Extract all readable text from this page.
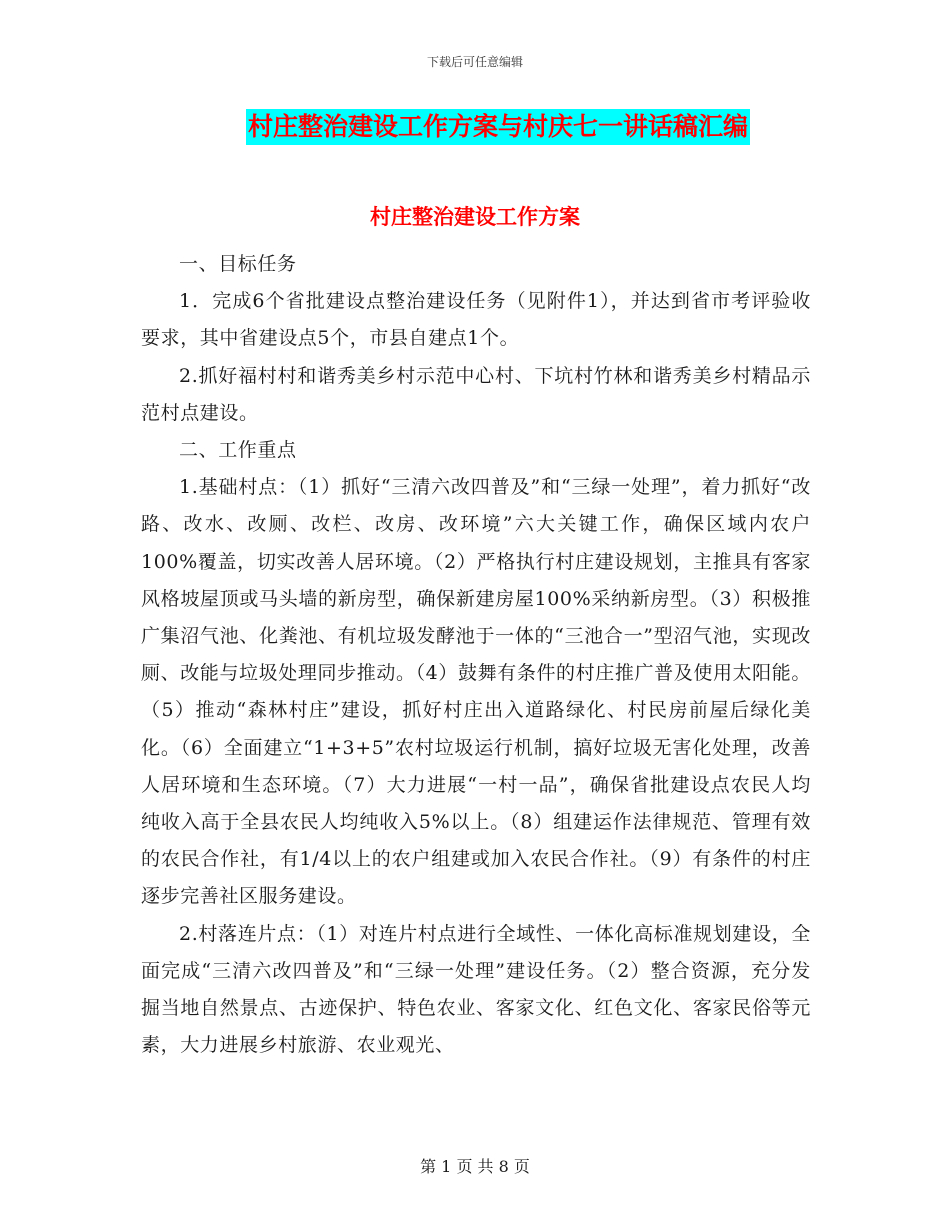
下载后可任意编辑
村庄整治建设工作方案与村庆七一讲话稿汇编
村庄整治建设工作方案

一、目标任务

1．完成6个省批建设点整治建设任务（见附件1），并达到省市考评验收要求，其中省建设点5个，市县自建点1个。

2.抓好福村村和谐秀美乡村示范中心村、下坑村竹林和谐秀美乡村精品示范村点建设。

二、工作重点

1.基础村点：（1）抓好“三清六改四普及”和“三绿一处理”，着力抓好“改路、改水、改厕、改栏、改房、改环境”六大关键工作，确保区域内农户100%覆盖，切实改善人居环境。（2）严格执行村庄建设规划，主推具有客家风格坡屋顶或马头墙的新房型，确保新建房屋100%采纳新房型。（3）积极推广集沼气池、化粪池、有机垃圾发酵池于一体的“三池合一”型沼气池，实现改厕、改能与垃圾处理同步推动。（4）鼓舞有条件的村庄推广普及使用太阳能。（5）推动“森林村庄”建设，抓好村庄出入道路绿化、村民房前屋后绿化美化。（6）全面建立“1+3+5”农村垃圾运行机制，搞好垃圾无害化处理，改善人居环境和生态环境。（7）大力进展“一村一品”，确保省批建设点农民人均纯收入高于全县农民人均纯收入5%以上。（8）组建运作法律规范、管理有效的农民合作社，有1/4以上的农户组建或加入农民合作社。（9）有条件的村庄逐步完善社区服务建设。

2.村落连片点：（1）对连片村点进行全域性、一体化高标准规划建设，全面完成“三清六改四普及”和“三绿一处理”建设任务。（2）整合资源，充分发掘当地自然景点、古迹保护、特色农业、客家文化、红色文化、客家民俗等元素，大力进展乡村旅游、农业观光、

第 1 页 共 8 页
